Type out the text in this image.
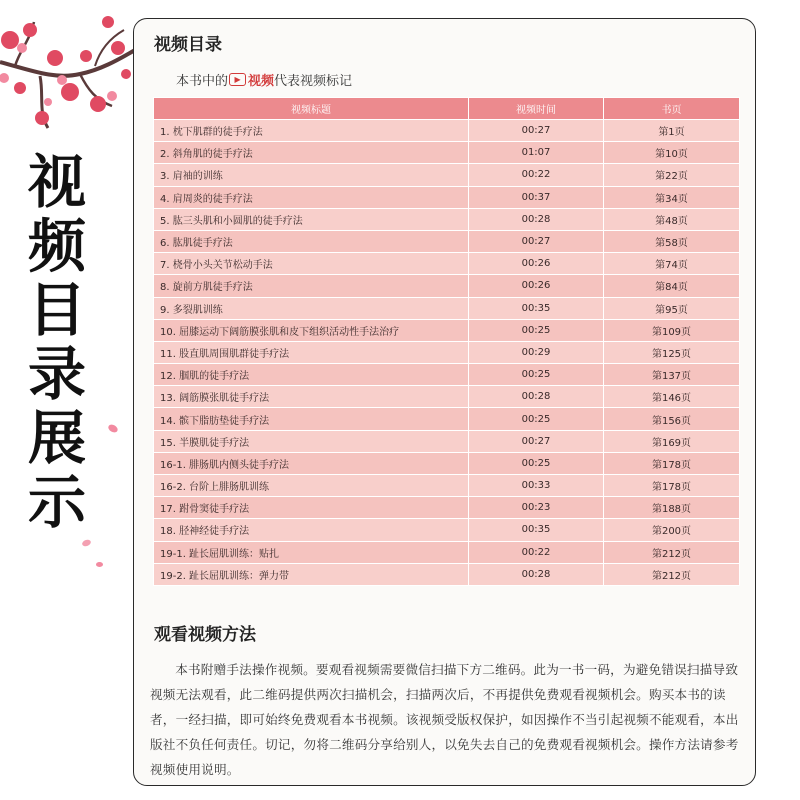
视
频
目
录
展
示
视频目录
本书中的 ▶ 视频 代表视频标记
视频标题	视频时间	书页
1. 枕下肌群的徒手疗法	00:27	第1页
2. 斜角肌的徒手疗法	01:07	第10页
3. 肩袖的训练	00:22	第22页
4. 肩周炎的徒手疗法	00:37	第34页
5. 肱三头肌和小圆肌的徒手疗法	00:28	第48页
6. 肱肌徒手疗法	00:27	第58页
7. 桡骨小头关节松动手法	00:26	第74页
8. 旋前方肌徒手疗法	00:26	第84页
9. 多裂肌训练	00:35	第95页
10. 屈膝运动下阔筋膜张肌和皮下组织活动性手法治疗	00:25	第109页
11. 股直肌周围肌群徒手疗法	00:29	第125页
12. 腘肌的徒手疗法	00:25	第137页
13. 阔筋膜张肌徒手疗法	00:28	第146页
14. 髌下脂肪垫徒手疗法	00:25	第156页
15. 半膜肌徒手疗法	00:27	第169页
16-1. 腓肠肌内侧头徒手疗法	00:25	第178页
16-2. 台阶上腓肠肌训练	00:33	第178页
17. 跗骨窦徒手疗法	00:23	第188页
18. 胫神经徒手疗法	00:35	第200页
19-1. 趾长屈肌训练：贴扎	00:22	第212页
19-2. 趾长屈肌训练：弹力带	00:28	第212页
观看视频方法

本书附赠手法操作视频。要观看视频需要微信扫描下方二维码。此为一书一码，为避免错误扫描导致视频无法观看，此二维码提供两次扫描机会，扫描两次后，不再提供免费观看视频机会。购买本书的读者，一经扫描，即可始终免费观看本书视频。该视频受版权保护，如因操作不当引起视频不能观看，本出版社不负任何责任。切记，勿将二维码分享给别人，以免失去自己的免费观看视频机会。操作方法请参考视频使用说明。
